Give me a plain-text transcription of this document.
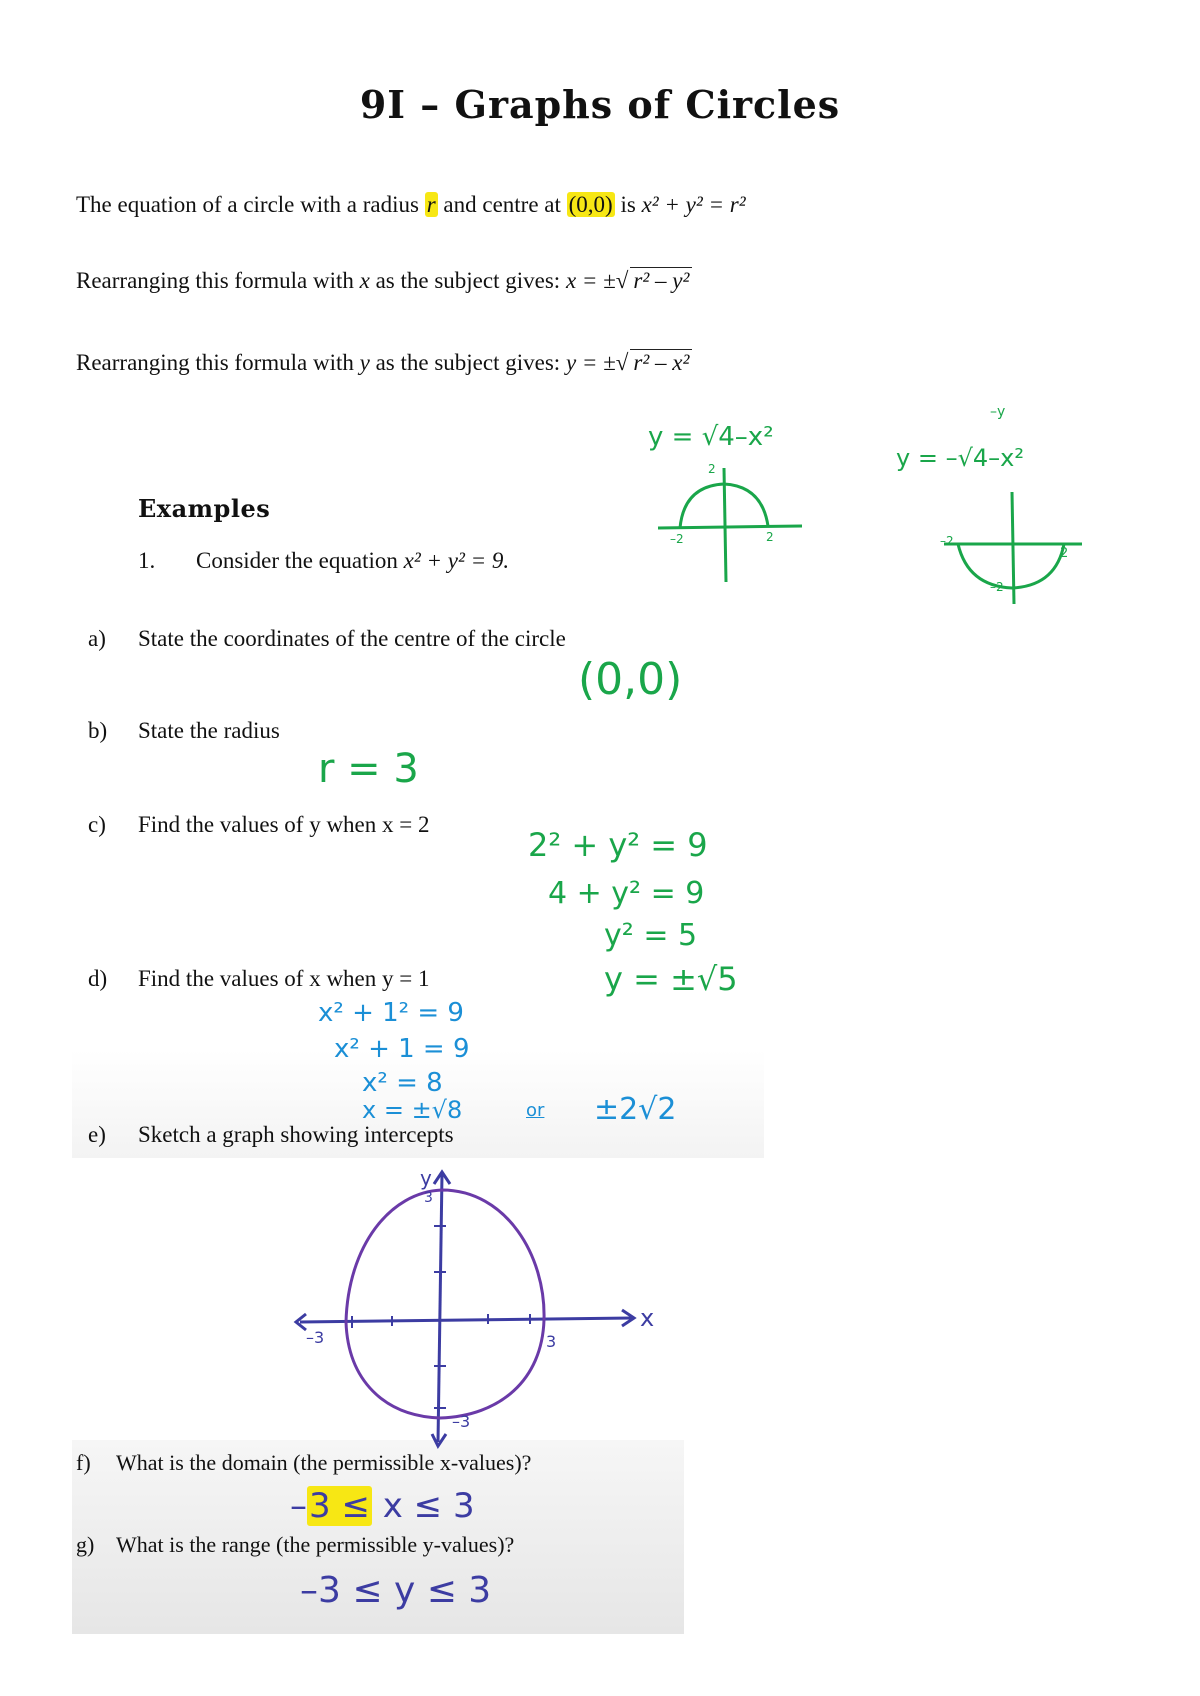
9I – Graphs of Circles
The equation of a circle with a radius r and centre at (0,0) is x² + y² = r²
Rearranging this formula with x as the subject gives: x = ±√ r² – y²
Rearranging this formula with y as the subject gives: y = ±√ r² – x²
y = √4–x²
y = –√4–x²
–y
2
–2	2	–2
2
–2
Examples
1. Consider the equation x² + y² = 9.
a) State the coordinates of the centre of the circle
(0,0)
b) State the radius
r = 3
c) Find the values of y when x = 2
2² + y² = 9
4 + y² = 9
y² = 5
y = ±√5
d) Find the values of x when y = 1
x² + 1² = 9
x² + 1 = 9
x² = 8
x = ±√8	or ±2√2
e) Sketch a graph showing intercepts
y
x
3
–3	3
–3
f) What is the domain (the permissible x-values)?
–3 ≤ x ≤ 3
g) What is the range (the permissible y-values)?
–3 ≤ y ≤ 3
